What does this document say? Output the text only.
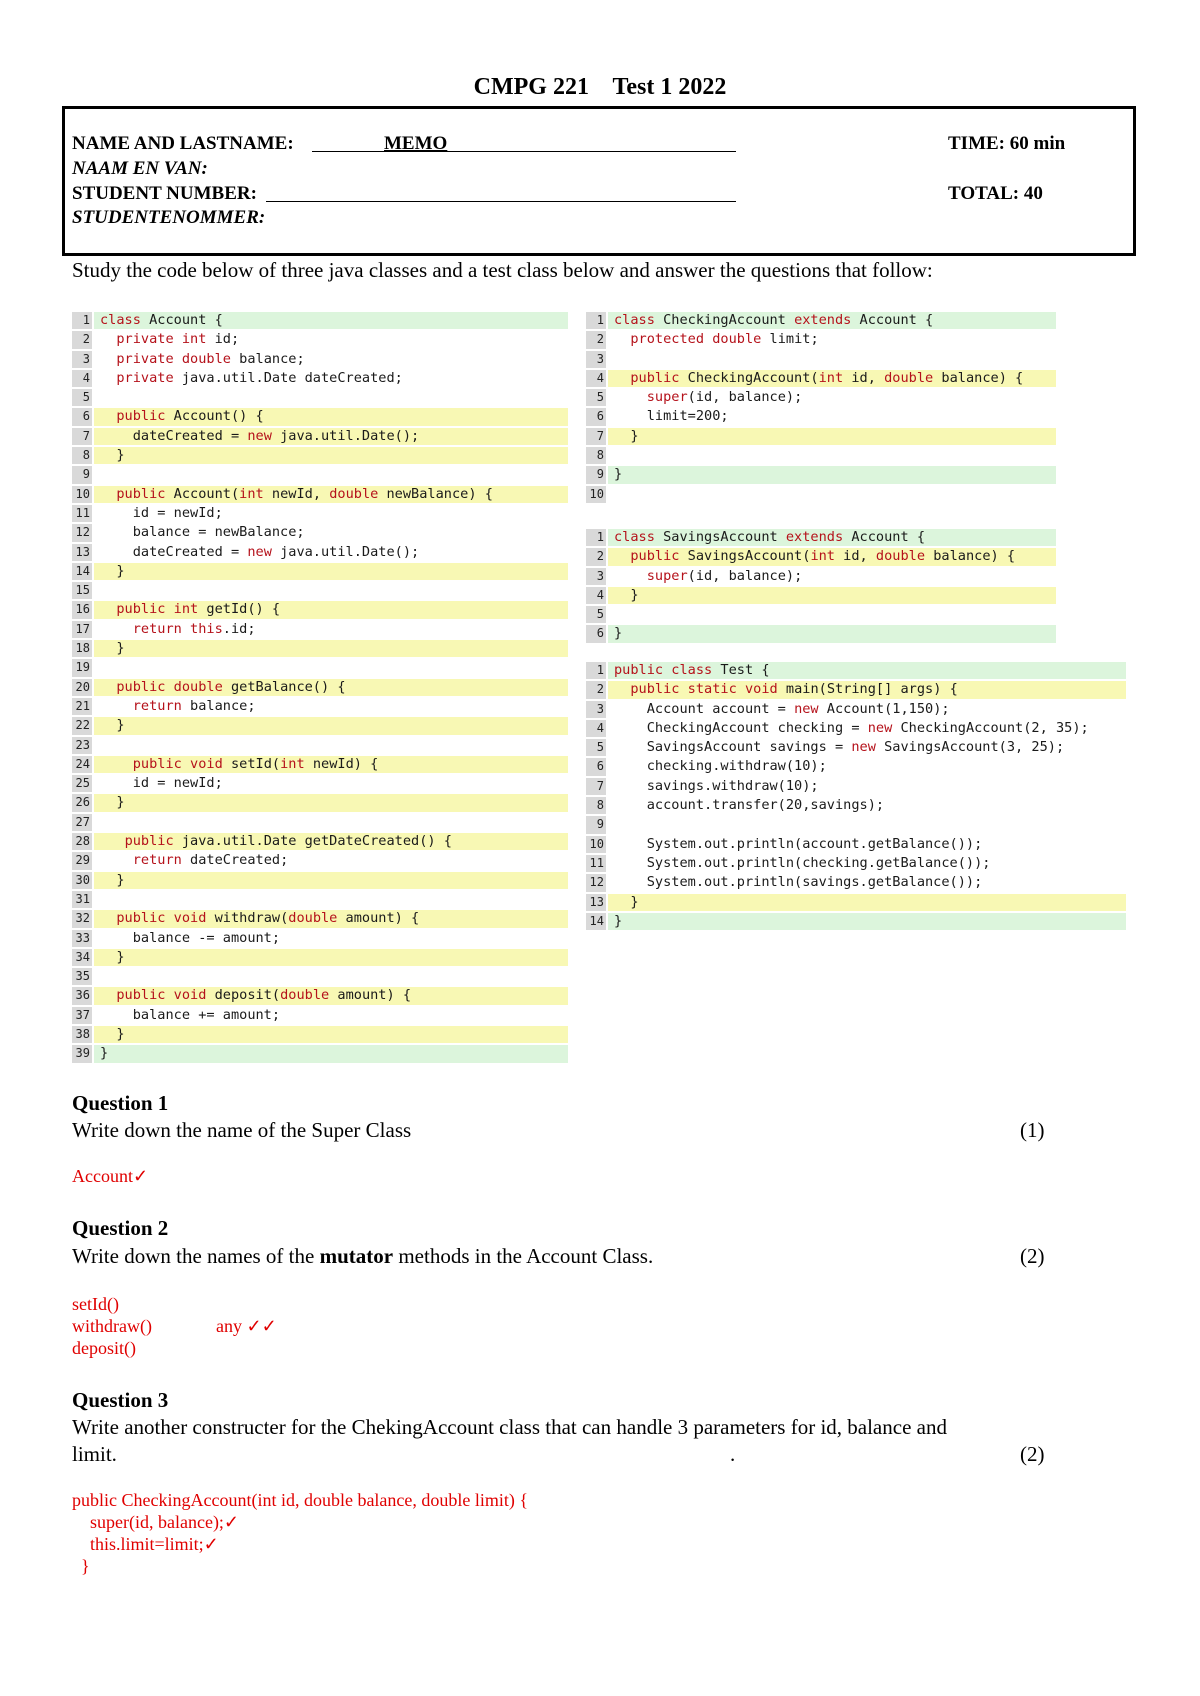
CMPG 221    Test 1 2022
NAME AND LASTNAME:	MEMO
NAAM EN VAN:
STUDENT NUMBER:
STUDENTENOMMER:
TIME: 60 min
TOTAL: 40
Study the code below of three java classes and a test class below and answer the questions that follow:
1 class Account {
2	private int id;
3	private double balance;
4	private java.util.Date dateCreated;
5
6	public Account() {
7 dateCreated = new java.util.Date();
8 }
9
10	public Account(int newId, double newBalance) {
11 id = newId;
12 balance = newBalance;
13 dateCreated = new java.util.Date();
14 }
15
16	public int getId() {
17	return this.id;
18 }
19
20	public double getBalance() {
21	return balance;
22 }
23
24	public void setId(int newId) {
25 id = newId;
26 }
27
28	public java.util.Date getDateCreated() {
29	return dateCreated;
30 }
31
32	public void withdraw(double amount) {
33 balance -= amount;
34 }
35
36	public void deposit(double amount) {
37 balance += amount;
38 }
39 }
1 class CheckingAccount extends Account {
2	protected double limit;
3
4	public CheckingAccount(int id, double balance) {
5	super(id, balance);
6 limit=200;
7 }
8
9 }
10
1 class SavingsAccount extends Account {
2	public SavingsAccount(int id, double balance) {
3	super(id, balance);
4 }
5
6 }
1 public class Test {
2	public static void main(String[] args) {
3 Account account = new Account(1,150);
4 CheckingAccount checking = new CheckingAccount(2, 35);
5 SavingsAccount savings = new SavingsAccount(3, 25);
6 checking.withdraw(10);
7 savings.withdraw(10);
8 account.transfer(20,savings);
9
10 System.out.println(account.getBalance());
11 System.out.println(checking.getBalance());
12 System.out.println(savings.getBalance());
13 }
14 }
Question 1
Write down the name of the Super Class	(1)
Account✓
Question 2
Write down the names of the mutator methods in the Account Class.	(2)
setId()
withdraw()
deposit()
any ✓✓
Question 3
Write another constructer for the ChekingAccount class that can handle 3 parameters for id, balance and
limit.	.	(2)
public CheckingAccount(int id, double balance, double limit) {
super(id, balance);✓
this.limit=limit;✓
}
